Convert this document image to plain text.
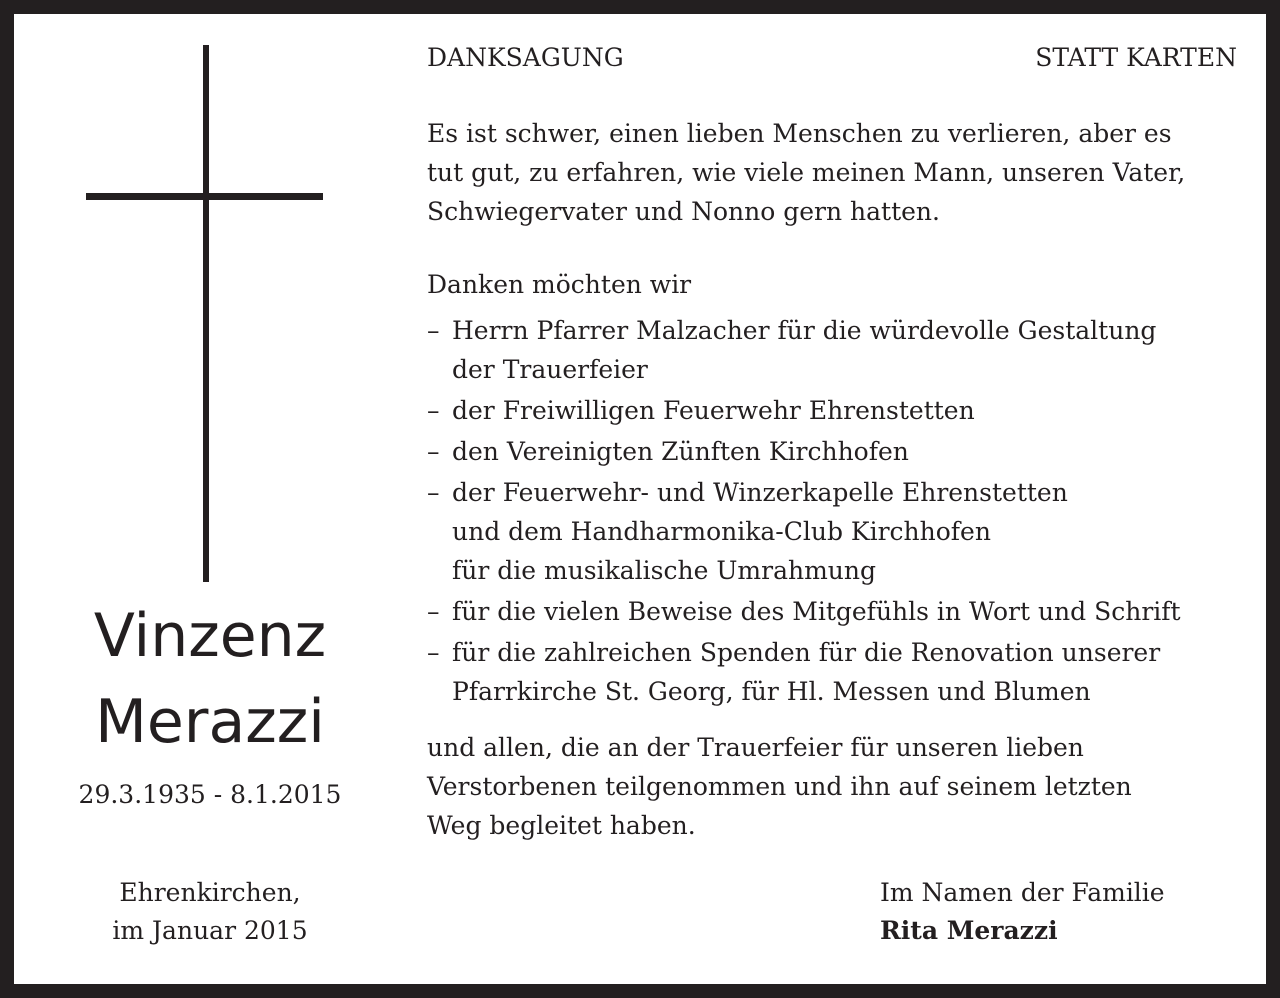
Vinzenz
Merazzi
29.3.1935 - 8.1.2015
Ehrenkirchen,
im Januar 2015
DANKSAGUNG	STATT KARTEN
Es ist schwer, einen lieben Menschen zu verlieren, aber es
tut gut, zu erfahren, wie viele meinen Mann, unseren Vater,
Schwiegervater und Nonno gern hatten.
Danken möchten wir
– Herrn Pfarrer Malzacher für die würdevolle Gestaltung
der Trauerfeier
– der Freiwilligen Feuerwehr Ehrenstetten
– den Vereinigten Zünften Kirchhofen
– der Feuerwehr- und Winzerkapelle Ehrenstetten
und dem Handharmonika-Club Kirchhofen
für die musikalische Umrahmung
– für die vielen Beweise des Mitgefühls in Wort und Schrift
– für die zahlreichen Spenden für die Renovation unserer
Pfarrkirche St. Georg, für Hl. Messen und Blumen
und allen, die an der Trauerfeier für unseren lieben
Verstorbenen teilgenommen und ihn auf seinem letzten
Weg begleitet haben.
Im Namen der Familie
Rita Merazzi
